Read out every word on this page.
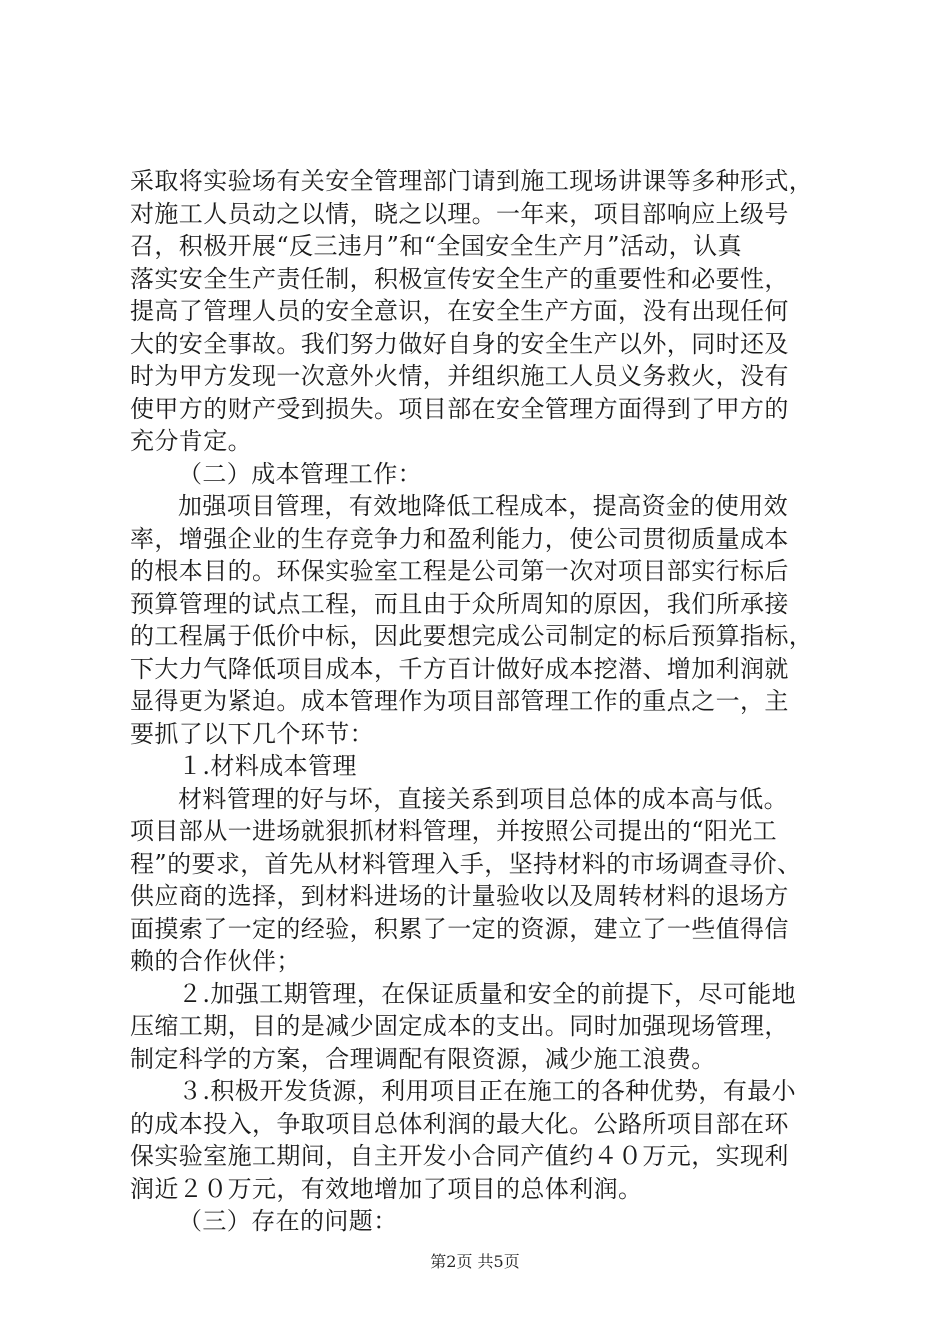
采取将实验场有关安全管理部门请到施工现场讲课等多种形式，
对施工人员动之以情，晓之以理。一年来，项目部响应上级号
召，积极开展“反三违月”和“全国安全生产月”活动，认真
落实安全生产责任制，积极宣传安全生产的重要性和必要性，
提高了管理人员的安全意识，在安全生产方面，没有出现任何
大的安全事故。我们努力做好自身的安全生产以外，同时还及
时为甲方发现一次意外火情，并组织施工人员义务救火，没有
使甲方的财产受到损失。项目部在安全管理方面得到了甲方的
充分肯定。
（二）成本管理工作：
加强项目管理，有效地降低工程成本，提高资金的使用效
率，增强企业的生存竞争力和盈利能力，使公司贯彻质量成本
的根本目的。环保实验室工程是公司第一次对项目部实行标后
预算管理的试点工程，而且由于众所周知的原因，我们所承接
的工程属于低价中标，因此要想完成公司制定的标后预算指标，
下大力气降低项目成本，千方百计做好成本挖潜、增加利润就
显得更为紧迫。成本管理作为项目部管理工作的重点之一，主
要抓了以下几个环节：
１.材料成本管理
材料管理的好与坏，直接关系到项目总体的成本高与低。
项目部从一进场就狠抓材料管理，并按照公司提出的“阳光工
程”的要求，首先从材料管理入手，坚持材料的市场调查寻价、
供应商的选择，到材料进场的计量验收以及周转材料的退场方
面摸索了一定的经验，积累了一定的资源，建立了一些值得信
赖的合作伙伴；
２.加强工期管理，在保证质量和安全的前提下，尽可能地
压缩工期，目的是减少固定成本的支出。同时加强现场管理，
制定科学的方案，合理调配有限资源，减少施工浪费。
３.积极开发货源，利用项目正在施工的各种优势，有最小
的成本投入，争取项目总体利润的最大化。公路所项目部在环
保实验室施工期间，自主开发小合同产值约４０万元，实现利
润近２０万元，有效地增加了项目的总体利润。
（三）存在的问题：
第2页 共5页
